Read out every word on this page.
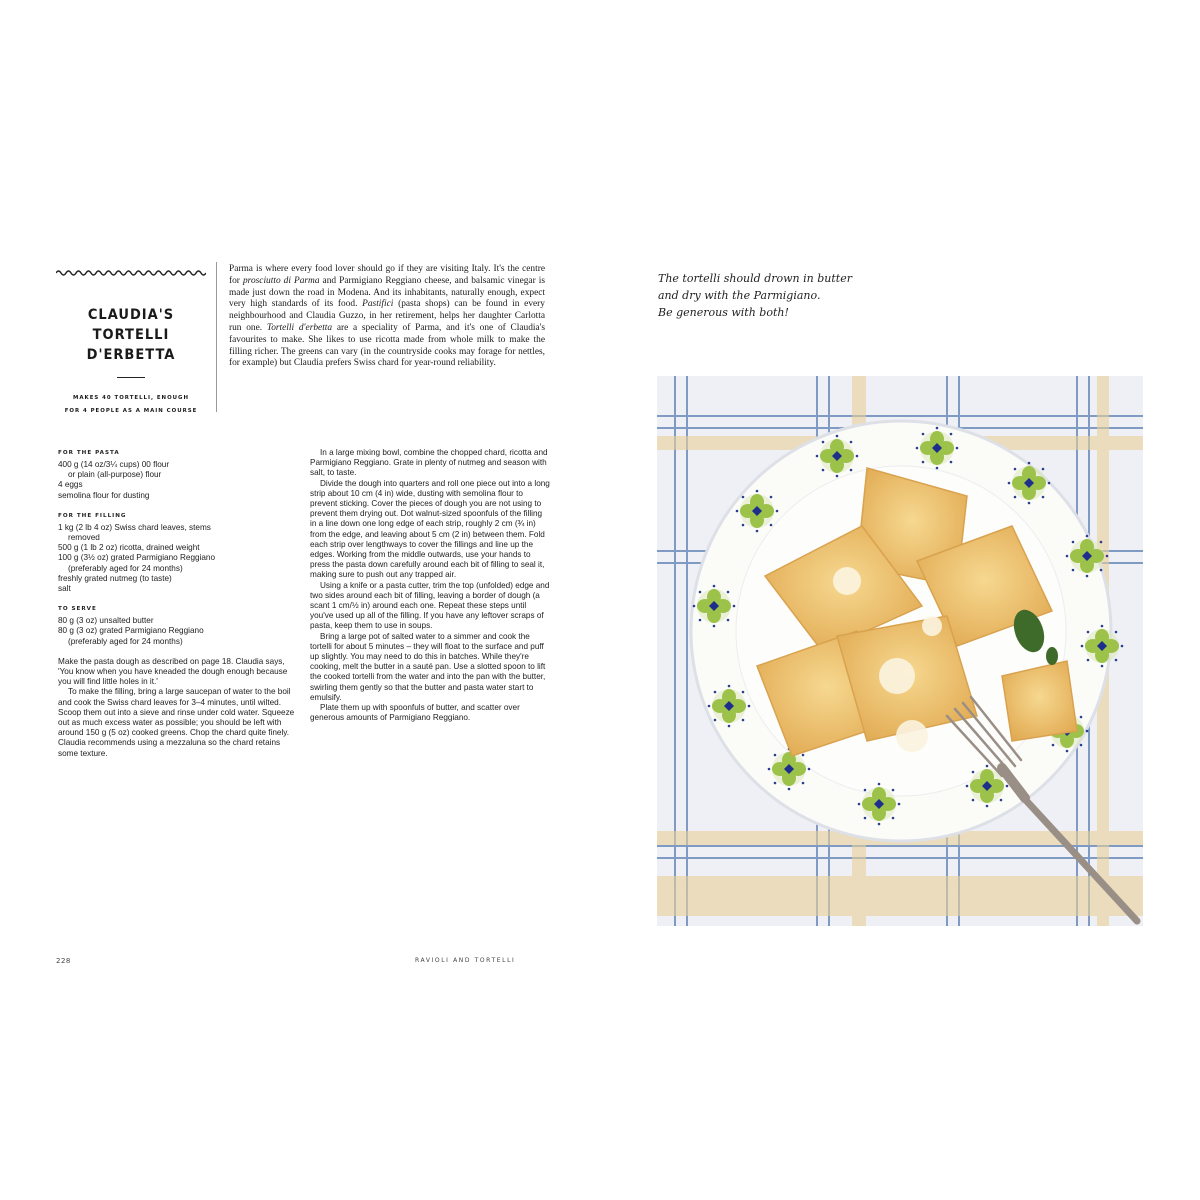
CLAUDIA'S TORTELLI
D'ERBETTA
MAKES 40 TORTELLI, ENOUGH
FOR 4 PEOPLE AS A MAIN COURSE
Parma is where every food lover should go if they are visiting Italy. It's the centre for prosciutto di Parma and Parmigiano Reggiano cheese, and balsamic vinegar is made just down the road in Modena. And its inhabitants, naturally enough, expect very high standards of its food. Pastifici (pasta shops) can be found in every neighbourhood and Claudia Guzzo, in her retirement, helps her daughter Carlotta run one. Tortelli d'erbetta are a speciality of Parma, and it's one of Claudia's favourites to make. She likes to use ricotta made from whole milk to make the filling richer. The greens can vary (in the countryside cooks may forage for nettles, for example) but Claudia prefers Swiss chard for year-round reliability.
FOR THE PASTA
400 g (14 oz/3¼ cups) 00 flour
or plain (all-purpose) flour
4 eggs
semolina flour for dusting
FOR THE FILLING
1 kg (2 lb 4 oz) Swiss chard leaves, stems
removed
500 g (1 lb 2 oz) ricotta, drained weight
100 g (3½ oz) grated Parmigiano Reggiano
(preferably aged for 24 months)
freshly grated nutmeg (to taste)
salt
TO SERVE
80 g (3 oz) unsalted butter
80 g (3 oz) grated Parmigiano Reggiano
(preferably aged for 24 months)

Make the pasta dough as described on page 18. Claudia says, 'You know when you have kneaded the dough enough because you will find little holes in it.'

To make the filling, bring a large saucepan of water to the boil and cook the Swiss chard leaves for 3–4 minutes, until wilted. Scoop them out into a sieve and rinse under cold water. Squeeze out as much excess water as possible; you should be left with around 150 g (5 oz) cooked greens. Chop the chard quite finely. Claudia recommends using a mezzaluna so the chard retains some texture.

In a large mixing bowl, combine the chopped chard, ricotta and Parmigiano Reggiano. Grate in plenty of nutmeg and season with salt, to taste.

Divide the dough into quarters and roll one piece out into a long strip about 10 cm (4 in) wide, dusting with semolina flour to prevent sticking. Cover the pieces of dough you are not using to prevent them drying out. Dot walnut-sized spoonfuls of the filling in a line down one long edge of each strip, roughly 2 cm (¾ in) from the edge, and leaving about 5 cm (2 in) between them. Fold each strip over lengthways to cover the fillings and line up the edges. Working from the middle outwards, use your hands to press the pasta down carefully around each bit of filling to seal it, making sure to push out any trapped air.

Using a knife or a pasta cutter, trim the top (unfolded) edge and two sides around each bit of filling, leaving a border of dough (a scant 1 cm/½ in) around each one. Repeat these steps until you've used up all of the filling. If you have any leftover scraps of pasta, keep them to use in soups.

Bring a large pot of salted water to a simmer and cook the tortelli for about 5 minutes – they will float to the surface and puff up slightly. You may need to do this in batches. While they're cooking, melt the butter in a sauté pan. Use a slotted spoon to lift the cooked tortelli from the water and into the pan with the butter, swirling them gently so that the butter and pasta water start to emulsify.

Plate them up with spoonfuls of butter, and scatter over generous amounts of Parmigiano Reggiano.

228	RAVIOLI AND TORTELLI
The tortelli should drown in butter
and dry with the Parmigiano.
Be generous with both!
